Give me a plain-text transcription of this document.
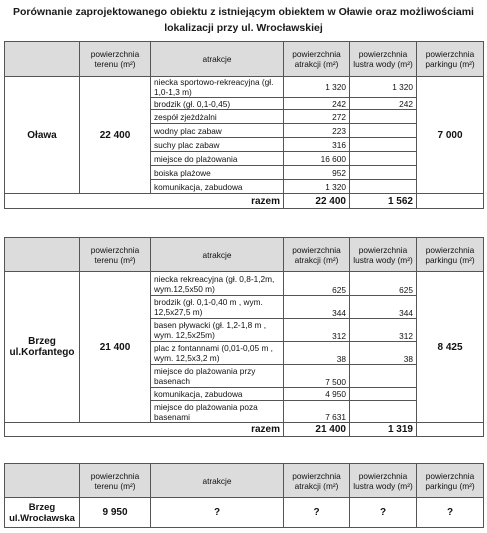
Porównanie zaprojektowanego obiektu z istniejącym obiektem w Oławie oraz możliwościami
lokalizacji przy ul. Wrocławskiej
	powierzchnia terenu (m²)	atrakcje	powierzchnia atrakcji (m²)	powierzchnia lustra wody (m²)	powierzchnia parkingu (m²)
Oława	22 400	niecka sportowo-rekreacyjna (gł. 1,0-1,3 m)	1 320	1 320	7 000
		brodzik (gł. 0,1-0,45)	242	242	
		zespół zjeżdżalni	272		
		wodny plac zabaw	223		
		suchy plac zabaw	316		
		miejsce do plażowania	16 600		
		boiska plażowe	952		
		komunikacja, zabudowa	1 320		
razem			22 400	1 562	
	powierzchnia terenu (m²)	atrakcje	powierzchnia atrakcji (m²)	powierzchnia lustra wody (m²)	powierzchnia parkingu (m²)

Brzeg
ul.Korfantego	21 400	niecka rekreacyjna (gł. 0,8-1,2m, wym.12,5x50 m)	625	625	8 425
		brodzik (gł. 0,1-0,40 m , wym. 12,5x27,5 m)	344	344	
		basen pływacki (gł. 1,2-1,8 m , wym. 12,5x25m)	312	312	
		plac z fontannami (0,01-0,05 m , wym. 12,5x3,2 m)	38	38	
		miejsce do plażowania przy basenach	7 500		
		komunikacja, zabudowa	4 950		
		miejsce do plażowania poza basenami	7 631		
razem			21 400	1 319	
	powierzchnia terenu (m²)	atrakcje	powierzchnia atrakcji (m²)	powierzchnia lustra wody (m²)	powierzchnia parkingu (m²)

Brzeg
ul.Wrocławska	9 950	?	?	?	?
